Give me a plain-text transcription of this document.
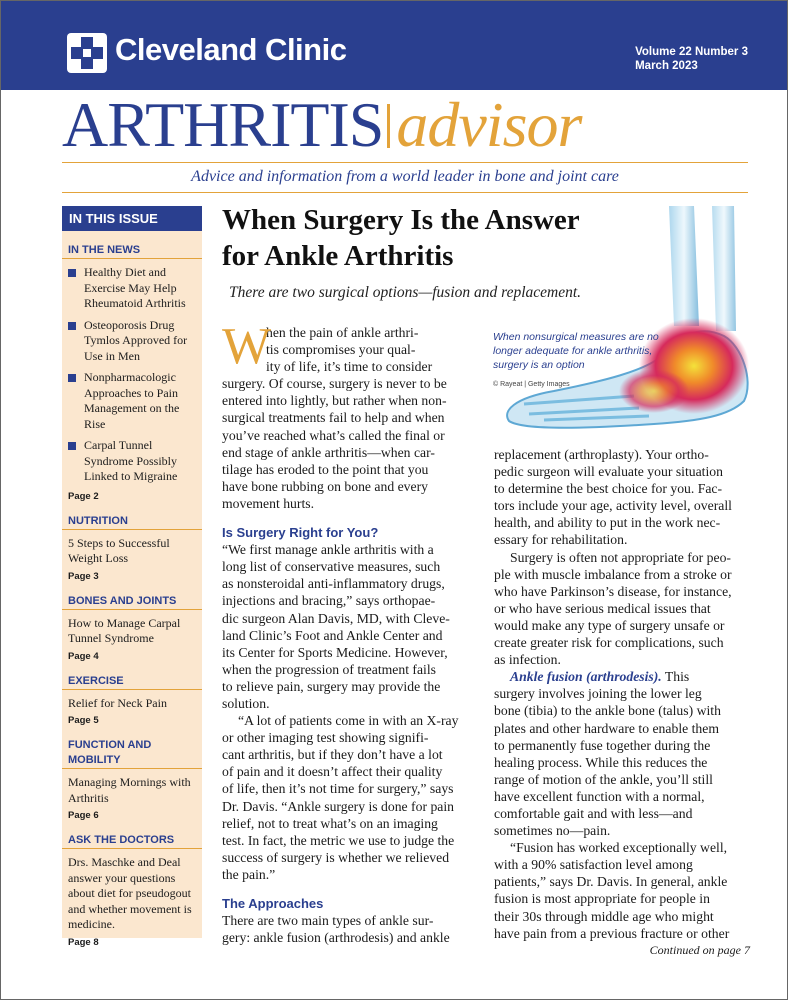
Cleveland Clinic	Volume 22 Number 3
March 2023
ARTHRITIS advisor
Advice and information from a world leader in bone and joint care
IN THIS ISSUE
IN THE NEWS
Healthy Diet and Exercise May Help Rheumatoid Arthritis
Osteoporosis Drug Tymlos Approved for Use in Men
Nonpharmacologic Approaches to Pain Management on the Rise
Carpal Tunnel Syndrome Possibly Linked to Migraine
Page 2
NUTRITION
5 Steps to Successful Weight Loss
Page 3
BONES AND JOINTS
How to Manage Carpal Tunnel Syndrome
Page 4
EXERCISE
Relief for Neck Pain
Page 5
FUNCTION AND MOBILITY
Managing Mornings with Arthritis
Page 6
ASK THE DOCTORS
Drs. Maschke and Deal answer your questions about diet for pseudogout and whether movement is medicine.
Page 8
When Surgery Is the Answer
for Ankle Arthritis
There are two surgical options—fusion and replacement.
When nonsurgical measures are no
longer adequate for ankle arthritis,
surgery is an option
© Rayeat | Getty Images
W
hen the pain of ankle arthri-
tis compromises your qual-
ity of life, it’s time to consider
surgery. Of course, surgery is never to be
entered into lightly, but rather when non-
surgical treatments fail to help and when
you’ve reached what’s called the final or
end stage of ankle arthritis—when car-
tilage has eroded to the point that you
have bone rubbing on bone and every
movement hurts.
Is Surgery Right for You?
“We first manage ankle arthritis with a
long list of conservative measures, such
as nonsteroidal anti-inflammatory drugs,
injections and bracing,” says orthopae-
dic surgeon Alan Davis, MD, with Cleve-
land Clinic’s Foot and Ankle Center and
its Center for Sports Medicine. However,
when the progression of treatment fails
to relieve pain, surgery may provide the
solution.
“A lot of patients come in with an X-ray
or other imaging test showing signifi-
cant arthritis, but if they don’t have a lot
of pain and it doesn’t affect their quality
of life, then it’s not time for surgery,” says
Dr. Davis. “Ankle surgery is done for pain
relief, not to treat what’s on an imaging
test. In fact, the metric we use to judge the
success of surgery is whether we relieved
the pain.”
The Approaches
There are two main types of ankle sur-
gery: ankle fusion (arthrodesis) and ankle
replacement (arthroplasty). Your ortho-
pedic surgeon will evaluate your situation
to determine the best choice for you. Fac-
tors include your age, activity level, overall
health, and ability to put in the work nec-
essary for rehabilitation.
Surgery is often not appropriate for peo-
ple with muscle imbalance from a stroke or
who have Parkinson’s disease, for instance,
or who have serious medical issues that
would make any type of surgery unsafe or
create greater risk for complications, such
as infection.
Ankle fusion (arthrodesis). This
surgery involves joining the lower leg
bone (tibia) to the ankle bone (talus) with
plates and other hardware to enable them
to permanently fuse together during the
healing process. While this reduces the
range of motion of the ankle, you’ll still
have excellent function with a normal,
comfortable gait and with less—and
sometimes no—pain.
“Fusion has worked exceptionally well,
with a 90% satisfaction level among
patients,” says Dr. Davis. In general, ankle
fusion is most appropriate for people in
their 30s through middle age who might
have pain from a previous fracture or other
Continued on page 7
